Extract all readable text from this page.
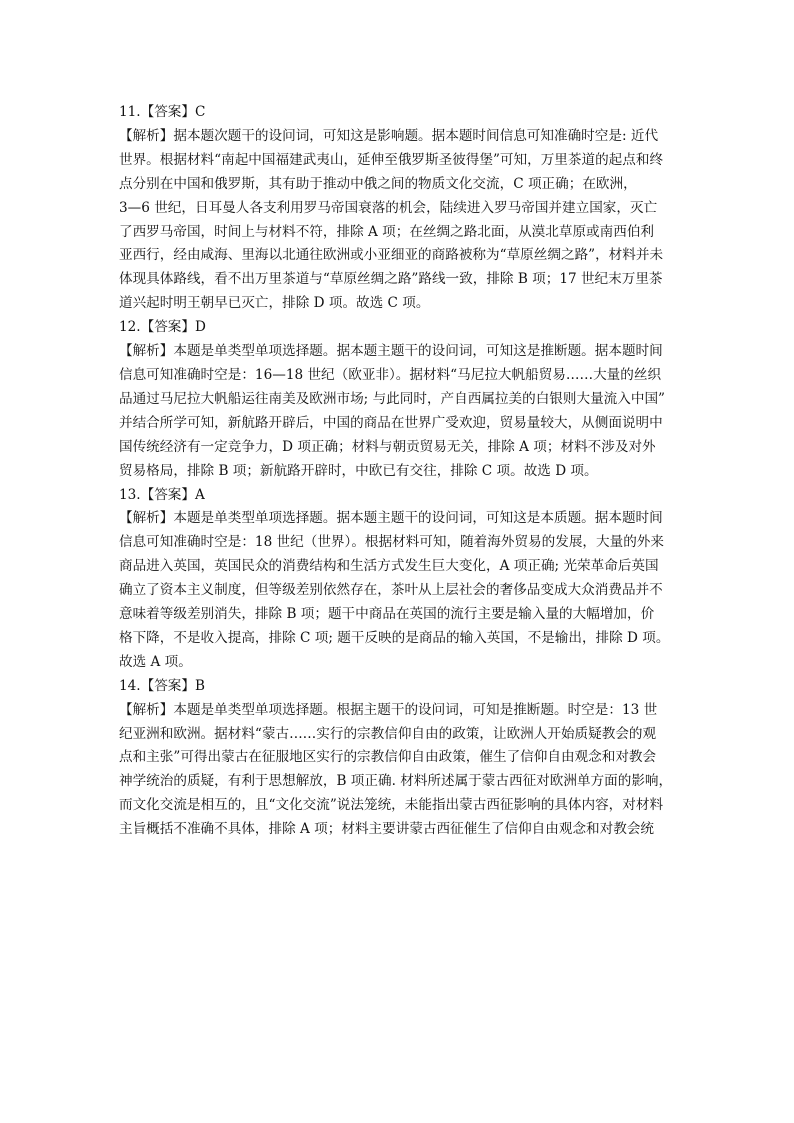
11.【答案】C

【解析】据本题次题干的设问词，可知这是影响题。据本题时间信息可知准确时空是: 近代

世界。根据材料“南起中国福建武夷山，延伸至俄罗斯圣彼得堡”可知，万里茶道的起点和终

点分别在中国和俄罗斯，其有助于推动中俄之间的物质文化交流，C 项正确；在欧洲，

3—6 世纪，日耳曼人各支利用罗马帝国衰落的机会，陆续进入罗马帝国并建立国家，灭亡

了西罗马帝国，时间上与材料不符，排除 A 项；在丝绸之路北面，从漠北草原或南西伯利

亚西行，经由咸海、里海以北通往欧洲或小亚细亚的商路被称为“草原丝绸之路”，材料并未

体现具体路线，看不出万里茶道与“草原丝绸之路”路线一致，排除 B 项；17 世纪末万里茶

道兴起时明王朝早已灭亡，排除 D 项。故选 C 项。

12.【答案】D

【解析】本题是单类型单项选择题。据本题主题干的设问词，可知这是推断题。据本题时间

信息可知准确时空是：16—18 世纪（欧亚非）。据材料“马尼拉大帆船贸易……大量的丝织

品通过马尼拉大帆船运往南美及欧洲市场; 与此同时，产自西属拉美的白银则大量流入中国”

并结合所学可知，新航路开辟后，中国的商品在世界广受欢迎，贸易量较大，从侧面说明中

国传统经济有一定竞争力，D 项正确；材料与朝贡贸易无关，排除 A 项；材料不涉及对外

贸易格局，排除 B 项；新航路开辟时，中欧已有交往，排除 C 项。故选 D 项。

13.【答案】A

【解析】本题是单类型单项选择题。据本题主题干的设问词，可知这是本质题。据本题时间

信息可知准确时空是：18 世纪（世界）。根据材料可知，随着海外贸易的发展，大量的外来

商品进入英国，英国民众的消费结构和生活方式发生巨大变化，A 项正确; 光荣革命后英国

确立了资本主义制度，但等级差别依然存在，茶叶从上层社会的奢侈品变成大众消费品并不

意味着等级差别消失，排除 B 项；题干中商品在英国的流行主要是输入量的大幅增加，价

格下降，不是收入提高，排除 C 项; 题干反映的是商品的输入英国，不是输出，排除 D 项。

故选 A 项。

14.【答案】B

【解析】本题是单类型单项选择题。根据主题干的设问词，可知是推断题。时空是：13 世

纪亚洲和欧洲。据材料“蒙古……实行的宗教信仰自由的政策，让欧洲人开始质疑教会的观

点和主张”可得出蒙古在征服地区实行的宗教信仰自由政策，催生了信仰自由观念和对教会

神学统治的质疑，有利于思想解放，B 项正确. 材料所述属于蒙古西征对欧洲单方面的影响，

而文化交流是相互的，且“文化交流”说法笼统，未能指出蒙古西征影响的具体内容，对材料

主旨概括不准确不具体，排除 A 项；材料主要讲蒙古西征催生了信仰自由观念和对教会统
